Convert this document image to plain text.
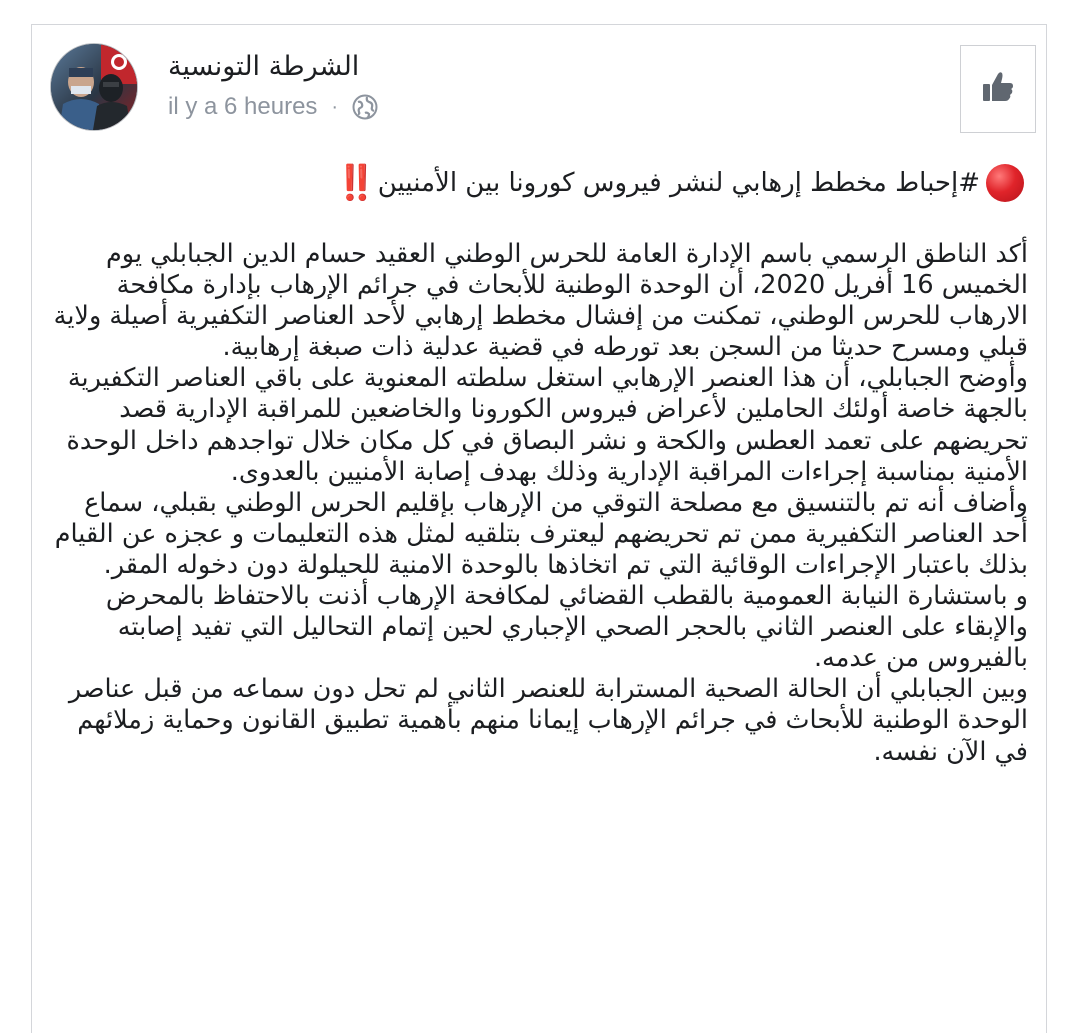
الشرطة التونسية
il y a 6 heures ·
#إحباط مخطط إرهابي لنشر فيروس كورونا بين الأمنيين
‼️

أكد الناطق الرسمي باسم الإدارة العامة للحرس الوطني العقيد حسام الدين الجبابلي يوم الخميس 16 أفريل 2020، أن الوحدة الوطنية للأبحاث في جرائم الإرهاب بإدارة مكافحة الارهاب للحرس الوطني، تمكنت من إفشال مخطط إرهابي لأحد العناصر التكفيرية أصيلة ولاية قبلي ومسرح حديثا من السجن بعد تورطه في قضية عدلية ذات صبغة إرهابية.

وأوضح الجبابلي، أن هذا العنصر الإرهابي استغل سلطته المعنوية على باقي العناصر التكفيرية بالجهة خاصة أولئك الحاملين لأعراض فيروس الكورونا والخاضعين للمراقبة الإدارية قصد تحريضهم على تعمد العطس والكحة و نشر البصاق في كل مكان خلال تواجدهم داخل الوحدة الأمنية بمناسبة إجراءات المراقبة الإدارية وذلك بهدف إصابة الأمنيين بالعدوى.

وأضاف أنه تم بالتنسيق مع مصلحة التوقي من الإرهاب بإقليم الحرس الوطني بقبلي، سماع أحد العناصر التكفيرية ممن تم تحريضهم ليعترف بتلقيه لمثل هذه التعليمات و عجزه عن القيام بذلك باعتبار الإجراءات الوقائية التي تم اتخاذها بالوحدة الامنية للحيلولة دون دخوله المقر.

و باستشارة النيابة العمومية بالقطب القضائي لمكافحة الإرهاب أذنت بالاحتفاظ بالمحرض والإبقاء على العنصر الثاني بالحجر الصحي الإجباري لحين إتمام التحاليل التي تفيد إصابته بالفيروس من عدمه.

وبين الجبابلي أن الحالة الصحية المسترابة للعنصر الثاني لم تحل دون سماعه من قبل عناصر الوحدة الوطنية للأبحاث في جرائم الإرهاب إيمانا منهم بأهمية تطبيق القانون وحماية زملائهم في الآن نفسه.
